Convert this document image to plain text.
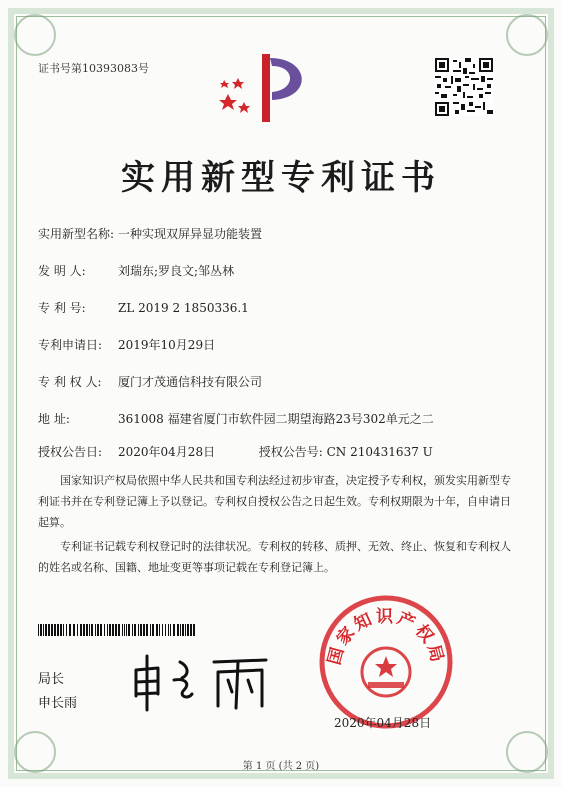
证书号第10393083号
实用新型专利证书
实用新型名称: 一种实现双屏异显功能装置
发 明 人:	刘瑞东;罗良文;邹丛林
专 利 号:	ZL 2019 2 1850336.1
专利申请日: 2019年10月29日
专 利 权 人: 厦门才茂通信科技有限公司
地 址:	361008 福建省厦门市软件园二期望海路23号302单元之二
授权公告日: 2020年04月28日	授权公告号: CN 210431637 U
国家知识产权局依照中华人民共和国专利法经过初步审查，决定授予专利权，颁发实用新型专利证书并在专利登记簿上予以登记。专利权自授权公告之日起生效。专利权期限为十年，自申请日起算。
专利证书记载专利权登记时的法律状况。专利权的转移、质押、无效、终止、恢复和专利权人的姓名或名称、国籍、地址变更等事项记载在专利登记簿上。
局长
申长雨
国家知识产权局
2020年04月28日
第 1 页 (共 2 页)
